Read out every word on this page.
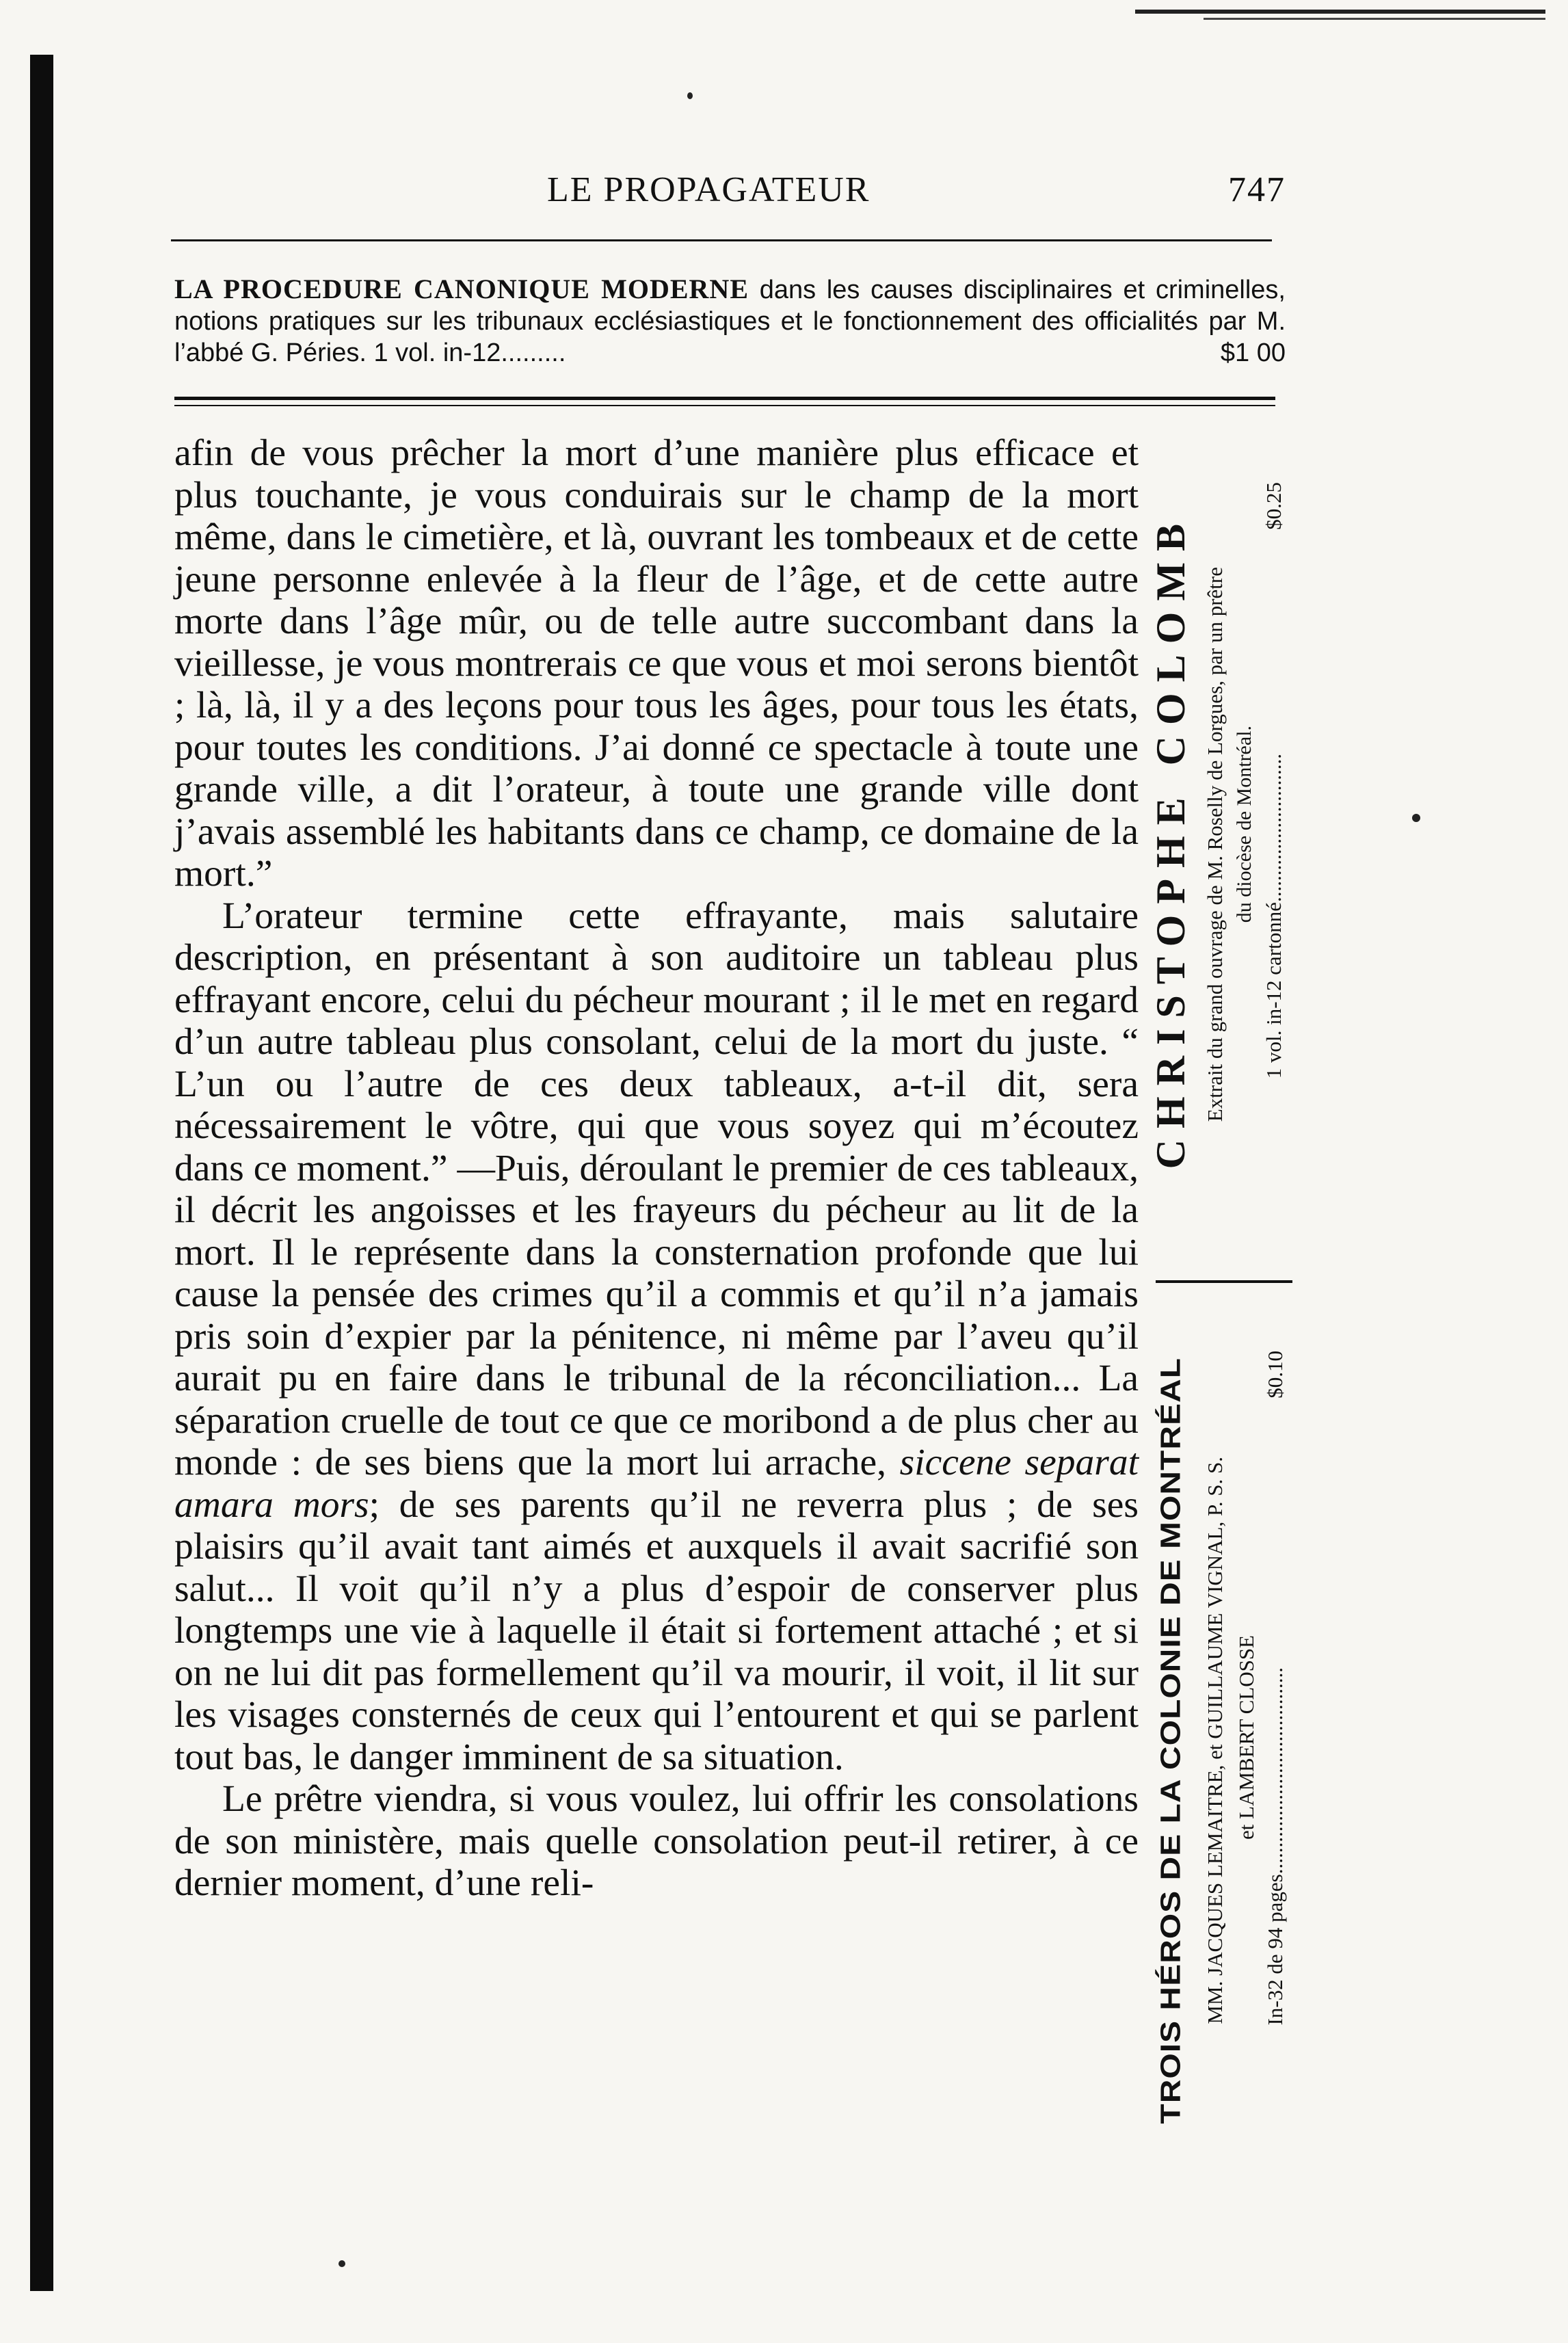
LE PROPAGATEUR	747
LA PROCEDURE CANONIQUE MODERNE dans les causes disciplinaires et criminelles, notions pratiques sur les tribunaux ecclésiastiques et le fonctionnement des officialités par M. l’abbé G. Péries. 1 vol. in-12.........	$1 00

afin de vous prêcher la mort d’une manière plus efficace et plus touchante, je vous conduirais sur le champ de la mort même, dans le cimetière, et là, ouvrant les tombeaux et de cette jeune personne enlevée à la fleur de l’âge, et de cette autre morte dans l’âge mûr, ou de telle autre succombant dans la vieillesse, je vous montrerais ce que vous et moi serons bientôt ; là, là, il y a des leçons pour tous les âges, pour tous les états, pour toutes les conditions. J’ai donné ce spectacle à toute une grande ville, a dit l’orateur, à toute une grande ville dont j’avais assemblé les habitants dans ce champ, ce domaine de la mort.”

L’orateur termine cette effrayante, mais salutaire description, en présentant à son auditoire un tableau plus effrayant encore, celui du pécheur mourant ; il le met en regard d’un autre tableau plus consolant, celui de la mort du juste. “ L’un ou l’autre de ces deux tableaux, a-t-il dit, sera nécessairement le vôtre, qui que vous soyez qui m’écoutez dans ce moment.” —Puis, déroulant le premier de ces tableaux, il décrit les angoisses et les frayeurs du pécheur au lit de la mort. Il le représente dans la consternation profonde que lui cause la pensée des crimes qu’il a commis et qu’il n’a jamais pris soin d’expier par la pénitence, ni même par l’aveu qu’il aurait pu en faire dans le tribunal de la réconciliation... La séparation cruelle de tout ce que ce moribond a de plus cher au monde : de ses biens que la mort lui arrache, siccene separat amara mors; de ses parents qu’il ne reverra plus ; de ses plaisirs qu’il avait tant aimés et auxquels il avait sacrifié son salut... Il voit qu’il n’y a plus d’espoir de conserver plus longtemps une vie à laquelle il était si fortement attaché ; et si on ne lui dit pas formellement qu’il va mourir, il voit, il lit sur les visages consternés de ceux qui l’entourent et qui se parlent tout bas, le danger imminent de sa situation.

Le prêtre viendra, si vous voulez, lui offrir les consolations de son ministère, mais quelle consolation peut-il retirer, à ce dernier moment, d’une reli-

CHRISTOPHE COLOMB Extrait du grand ouvrage de M. Roselly de Lorgues, par un prêtre du diocèse de Montréal. 1 vol. in-12 cartonné............................
$0.25
TROIS HÉROS DE LA COLONIE DE MONTRÉAL MM. JACQUES LEMAITRE, et GUILLAUME VIGNAL, P. S. S. et LAMBERT CLOSSE In-32 de 94 pages.......................................
$0.10
